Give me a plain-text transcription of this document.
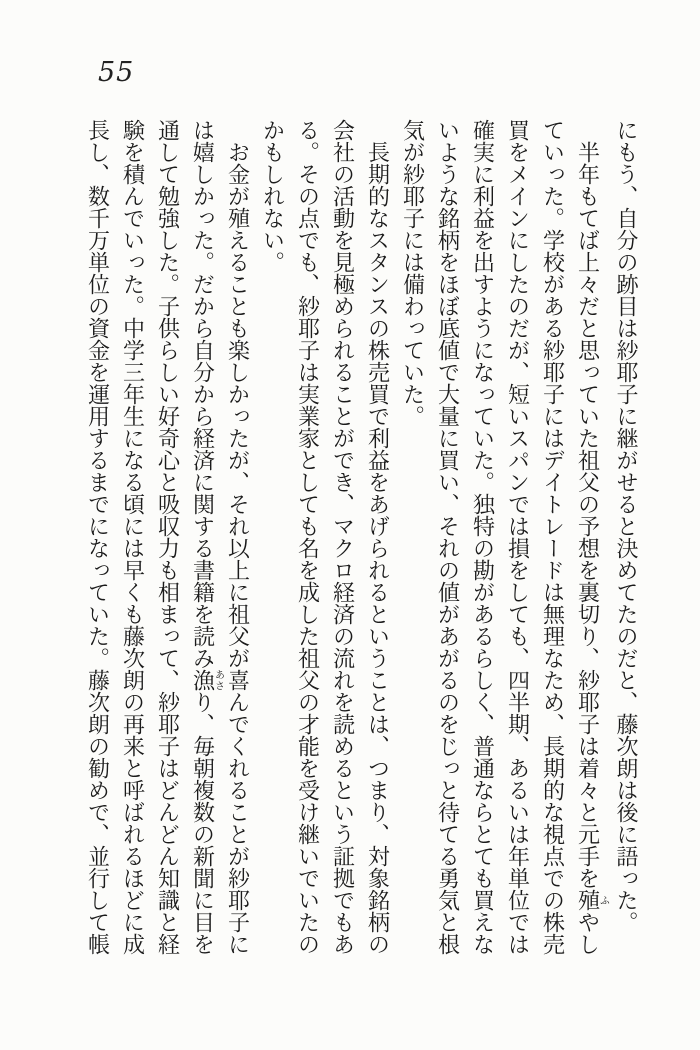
55

にもう、自分の跡目は紗耶子に継がせると決めてたのだと、藤次朗は後に語った。

半年もてば上々だと思っていた祖父の予想を裏切り、紗耶子は着々と元手を殖ふやしていった。学校がある紗耶子にはデイトレードは無理なため、長期的な視点での株売買をメインにしたのだが、短いスパンでは損をしても、四半期、あるいは年単位では確実に利益を出すようになっていた。独特の勘があるらしく、普通ならとても買えないような銘柄をほぼ底値で大量に買い、それの値があがるのをじっと待てる勇気と根気が紗耶子には備わっていた。

長期的なスタンスの株売買で利益をあげられるということは、つまり、対象銘柄の会社の活動を見極められることができ、マクロ経済の流れを読めるという証拠でもある。その点でも、紗耶子は実業家としても名を成した祖父の才能を受け継いでいたのかもしれない。

お金が殖えることも楽しかったが、それ以上に祖父が喜んでくれることが紗耶子には嬉しかった。だから自分から経済に関する書籍を読み漁あさり、毎朝複数の新聞に目を通して勉強した。子供らしい好奇心と吸収力も相まって、紗耶子はどんどん知識と経験を積んでいった。中学三年生になる頃には早くも藤次朗の再来と呼ばれるほどに成長し、数千万単位の資金を運用するまでになっていた。藤次朗の勧めで、並行して帳
